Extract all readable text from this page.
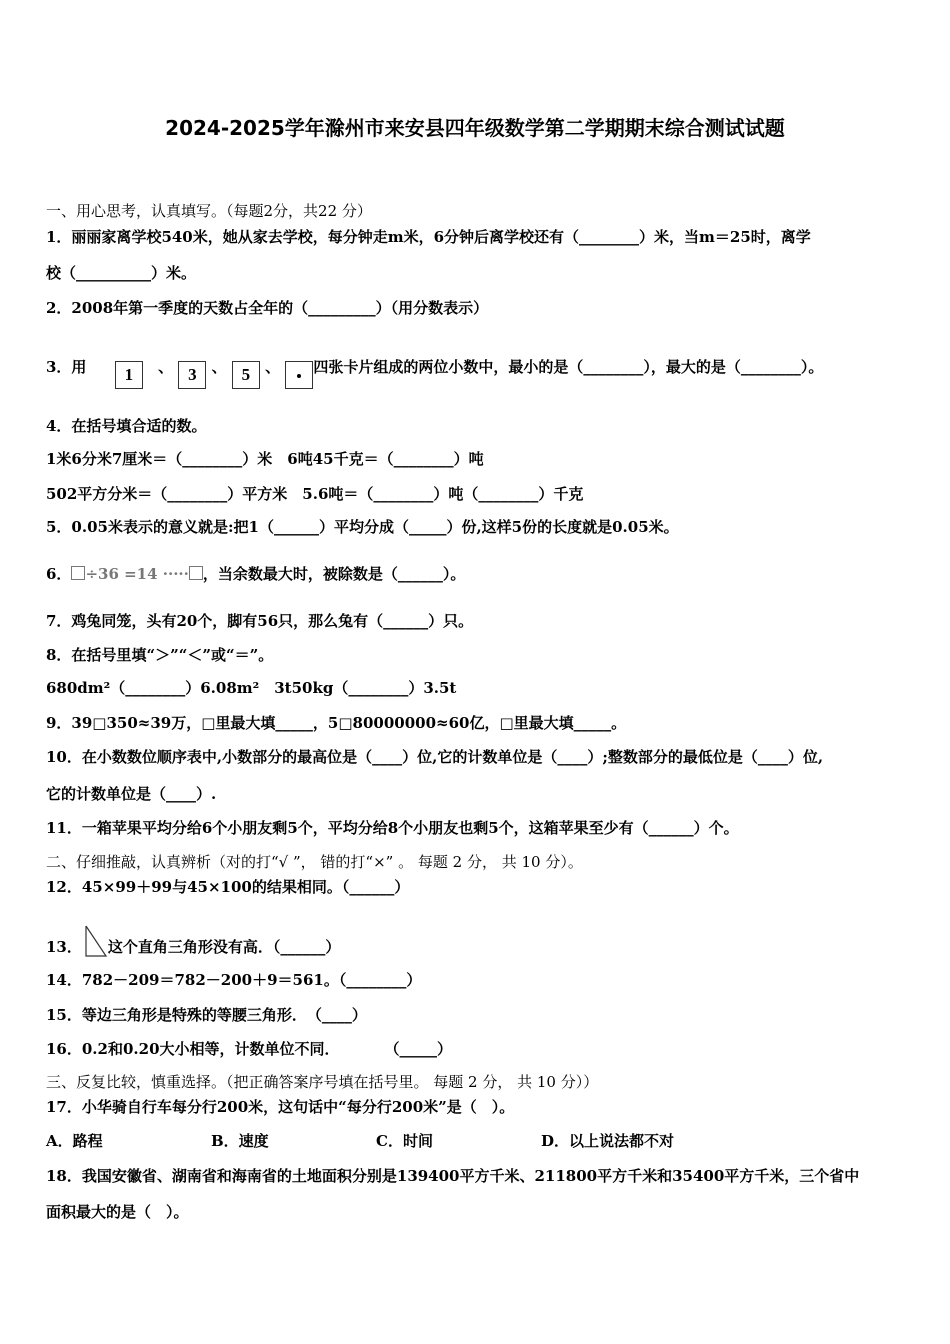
2024-2025学年滁州市来安县四年级数学第二学期期末综合测试试题
一、用心思考，认真填写。（每题2分，共22 分）
1．丽丽家离学校540米，她从家去学校，每分钟走m米，6分钟后离学校还有（________）米，当m＝25时，离学
校（__________）米。
2．2008年第一季度的天数占全年的（_________）（用分数表示）
3．用 1 、 3 、 5 、 四张卡片组成的两位小数中，最小的是（________），最大的是（________）。
4．在括号填合适的数。
1米6分米7厘米＝（________）米　6吨45千克＝（________）吨
502平方分米＝（________）平方米　5.6吨＝（________）吨（________）千克
5．0.05米表示的意义就是:把1（______）平均分成（_____）份,这样5份的长度就是0.05米。
6． ÷36 =14 ····· ，当余数最大时，被除数是（______）。
7．鸡兔同笼，头有20个，脚有56只，那么兔有（______）只。
8．在括号里填“＞”“＜”或“＝”。
680dm²（________）6.08m²　3t50kg（________）3.5t
9．39□350≈39万，□里最大填_____，5□80000000≈60亿，□里最大填_____。
10．在小数数位顺序表中,小数部分的最高位是（____）位,它的计数单位是（____）;整数部分的最低位是（____）位,
它的计数单位是（____）.
11．一箱苹果平均分给6个小朋友剩5个，平均分给8个小朋友也剩5个，这箱苹果至少有（______）个。
二、仔细推敲，认真辨析（对的打“√ ”， 错的打“×” 。 每题 2 分， 共 10 分）。
12．45×99＋99与45×100的结果相同。（______）
13． 这个直角三角形没有高．（______）
14．782－209＝782－200＋9＝561。（________）
15．等边三角形是特殊的等腰三角形．　（____）
16．0.2和0.20大小相等，计数单位不同．　　　　（_____）
三、反复比较，慎重选择。（把正确答案序号填在括号里。 每题 2 分， 共 10 分））
17．小华骑自行车每分行200米，这句话中“每分行200米”是（　）。
A．路程	B．速度	C．时间	D．以上说法都不对
18．我国安徽省、湖南省和海南省的土地面积分别是139400平方千米、211800平方千米和35400平方千米，三个省中
面积最大的是（　）。
